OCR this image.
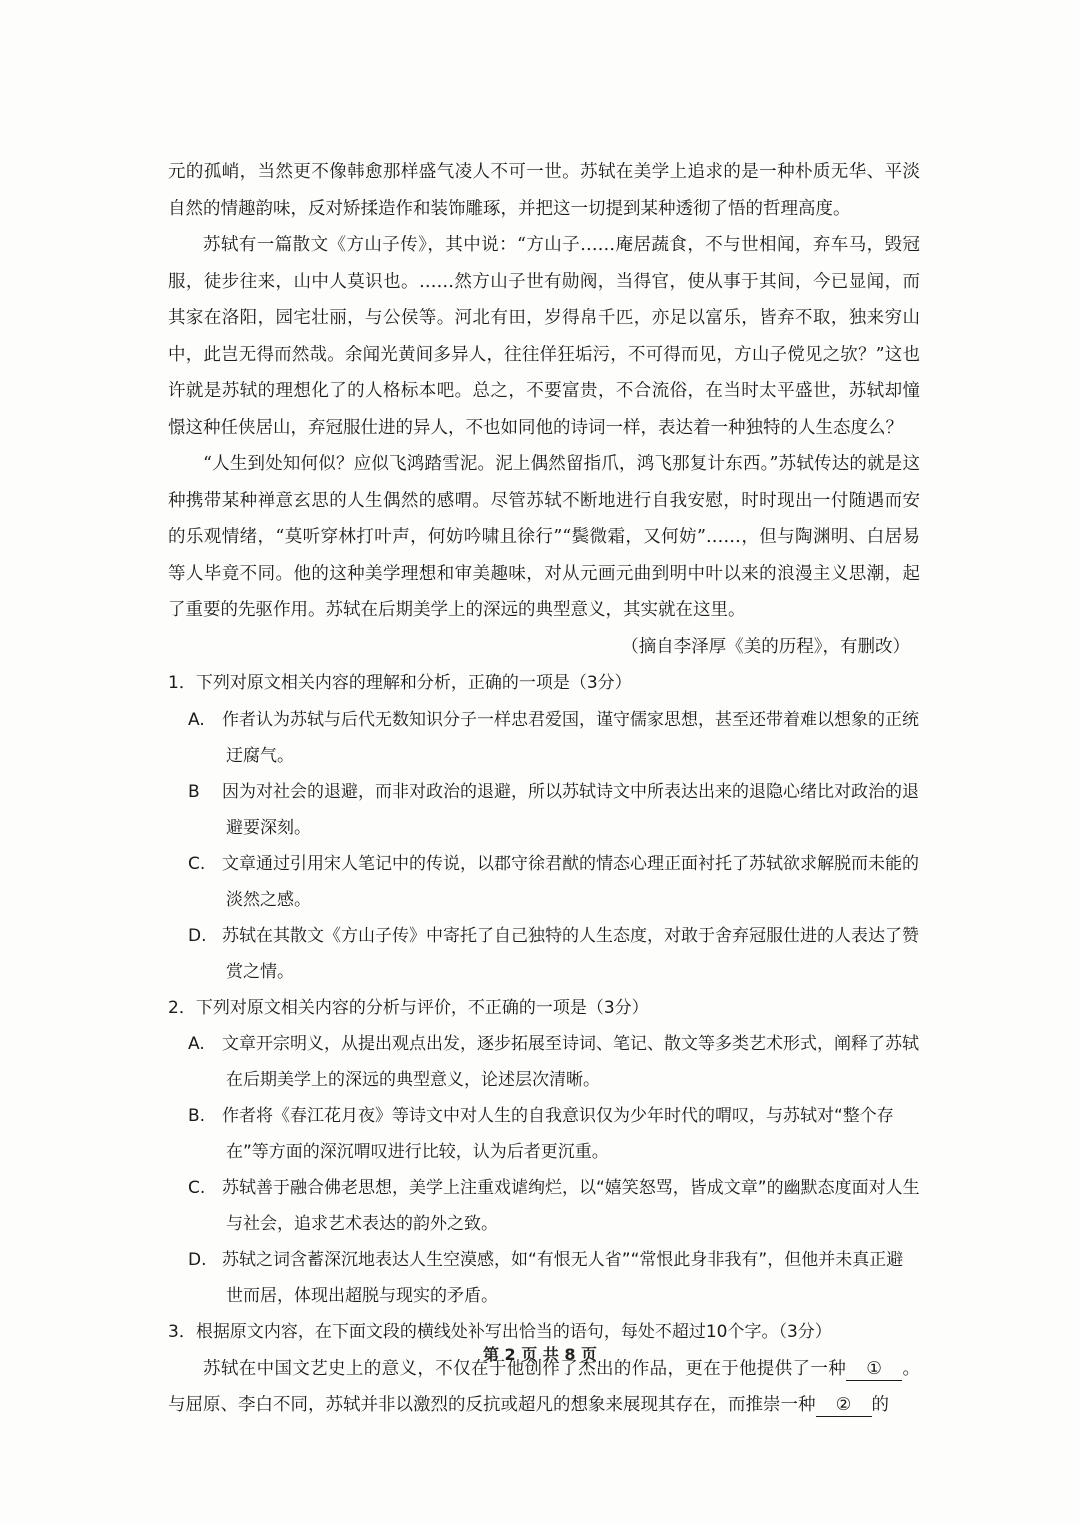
元的孤峭，当然更不像韩愈那样盛气凌人不可一世。苏轼在美学上追求的是一种朴质无华、平淡自然的情趣韵味，反对矫揉造作和装饰雕琢，并把这一切提到某种透彻了悟的哲理高度。

苏轼有一篇散文《方山子传》，其中说：“方山子……庵居蔬食，不与世相闻，弃车马，毁冠服，徒步往来，山中人莫识也。……然方山子世有勋阀，当得官，使从事于其间，今已显闻，而其家在洛阳，园宅壮丽，与公侯等。河北有田，岁得帛千匹，亦足以富乐，皆弃不取，独来穷山中，此岂无得而然哉。余闻光黄间多异人，往往佯狂垢污，不可得而见，方山子傥见之欤？”这也许就是苏轼的理想化了的人格标本吧。总之，不要富贵，不合流俗，在当时太平盛世，苏轼却憧憬这种任侠居山，弃冠服仕进的异人，不也如同他的诗词一样，表达着一种独特的人生态度么？

“人生到处知何似？应似飞鸿踏雪泥。泥上偶然留指爪，鸿飞那复计东西。”苏轼传达的就是这种携带某种禅意玄思的人生偶然的感喟。尽管苏轼不断地进行自我安慰，时时现出一付随遇而安的乐观情绪，“莫听穿林打叶声，何妨吟啸且徐行”“鬓微霜，又何妨”……，但与陶渊明、白居易等人毕竟不同。他的这种美学理想和审美趣味，对从元画元曲到明中叶以来的浪漫主义思潮，起了重要的先驱作用。苏轼在后期美学上的深远的典型意义，其实就在这里。

（摘自李泽厚《美的历程》，有删改）

1．下列对原文相关内容的理解和分析，正确的一项是（3分）

A. 作者认为苏轼与后代无数知识分子一样忠君爱国，谨守儒家思想，甚至还带着难以想象的正统迂腐气。

B 因为对社会的退避，而非对政治的退避，所以苏轼诗文中所表达出来的退隐心绪比对政治的退避要深刻。

C. 文章通过引用宋人笔记中的传说，以郡守徐君猷的情态心理正面衬托了苏轼欲求解脱而未能的淡然之感。

D. 苏轼在其散文《方山子传》中寄托了自己独特的人生态度，对敢于舍弃冠服仕进的人表达了赞赏之情。

2．下列对原文相关内容的分析与评价，不正确的一项是（3分）

A. 文章开宗明义，从提出观点出发，逐步拓展至诗词、笔记、散文等多类艺术形式，阐释了苏轼在后期美学上的深远的典型意义，论述层次清晰。

B. 作者将《春江花月夜》等诗文中对人生的自我意识仅为少年时代的喟叹，与苏轼对“整个存在”等方面的深沉喟叹进行比较，认为后者更沉重。

C. 苏轼善于融合佛老思想，美学上注重戏谑绚烂，以“嬉笑怒骂，皆成文章”的幽默态度面对人生与社会，追求艺术表达的韵外之致。

D. 苏轼之词含蓄深沉地表达人生空漠感，如“有恨无人省”“常恨此身非我有”，但他并未真正避世而居，体现出超脱与现实的矛盾。

3．根据原文内容，在下面文段的横线处补写出恰当的语句，每处不超过10个字。（3分）

苏轼在中国文艺史上的意义，不仅在于他创作了杰出的作品，更在于他提供了一种 ① 。与屈原、李白不同，苏轼并非以激烈的反抗或超凡的想象来展现其存在，而推崇一种 ② 的

第 2 页 共 8 页
